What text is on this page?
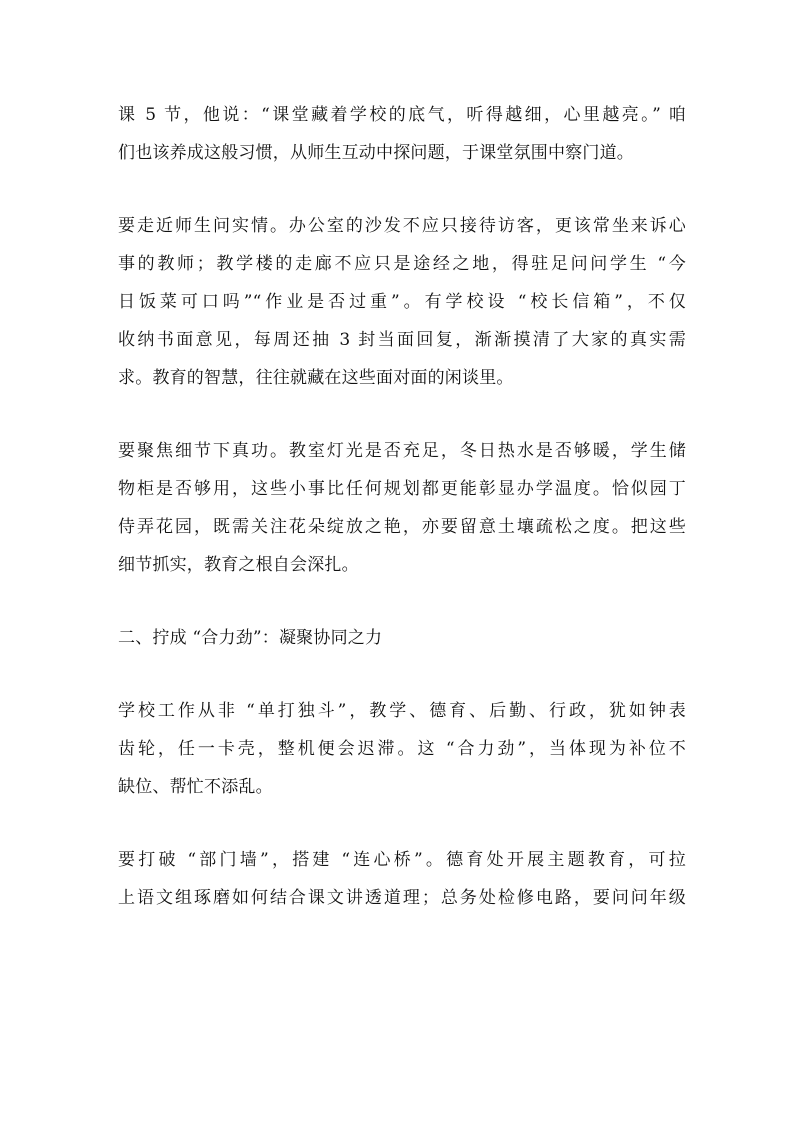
课 5 节，他说：“课堂藏着学校的底气，听得越细，心里越亮。” 咱
们也该养成这般习惯，从师生互动中探问题，于课堂氛围中察门道。

要走近师生问实情。办公室的沙发不应只接待访客，更该常坐来诉心
事的教师；教学楼的走廊不应只是途经之地，得驻足问问学生 “今
日饭菜可口吗”“作业是否过重”。有学校设 “校长信箱”，不仅
收纳书面意见，每周还抽 3 封当面回复，渐渐摸清了大家的真实需
求。教育的智慧，往往就藏在这些面对面的闲谈里。

要聚焦细节下真功。教室灯光是否充足，冬日热水是否够暖，学生储
物柜是否够用，这些小事比任何规划都更能彰显办学温度。恰似园丁
侍弄花园，既需关注花朵绽放之艳，亦要留意土壤疏松之度。把这些
细节抓实，教育之根自会深扎。

二、拧成 “合力劲”：凝聚协同之力

学校工作从非 “单打独斗”，教学、德育、后勤、行政，犹如钟表
齿轮，任一卡壳，整机便会迟滞。这 “合力劲”，当体现为补位不
缺位、帮忙不添乱。

要打破 “部门墙”，搭建 “连心桥”。德育处开展主题教育，可拉
上语文组琢磨如何结合课文讲透道理；总务处检修电路，要问问年级
